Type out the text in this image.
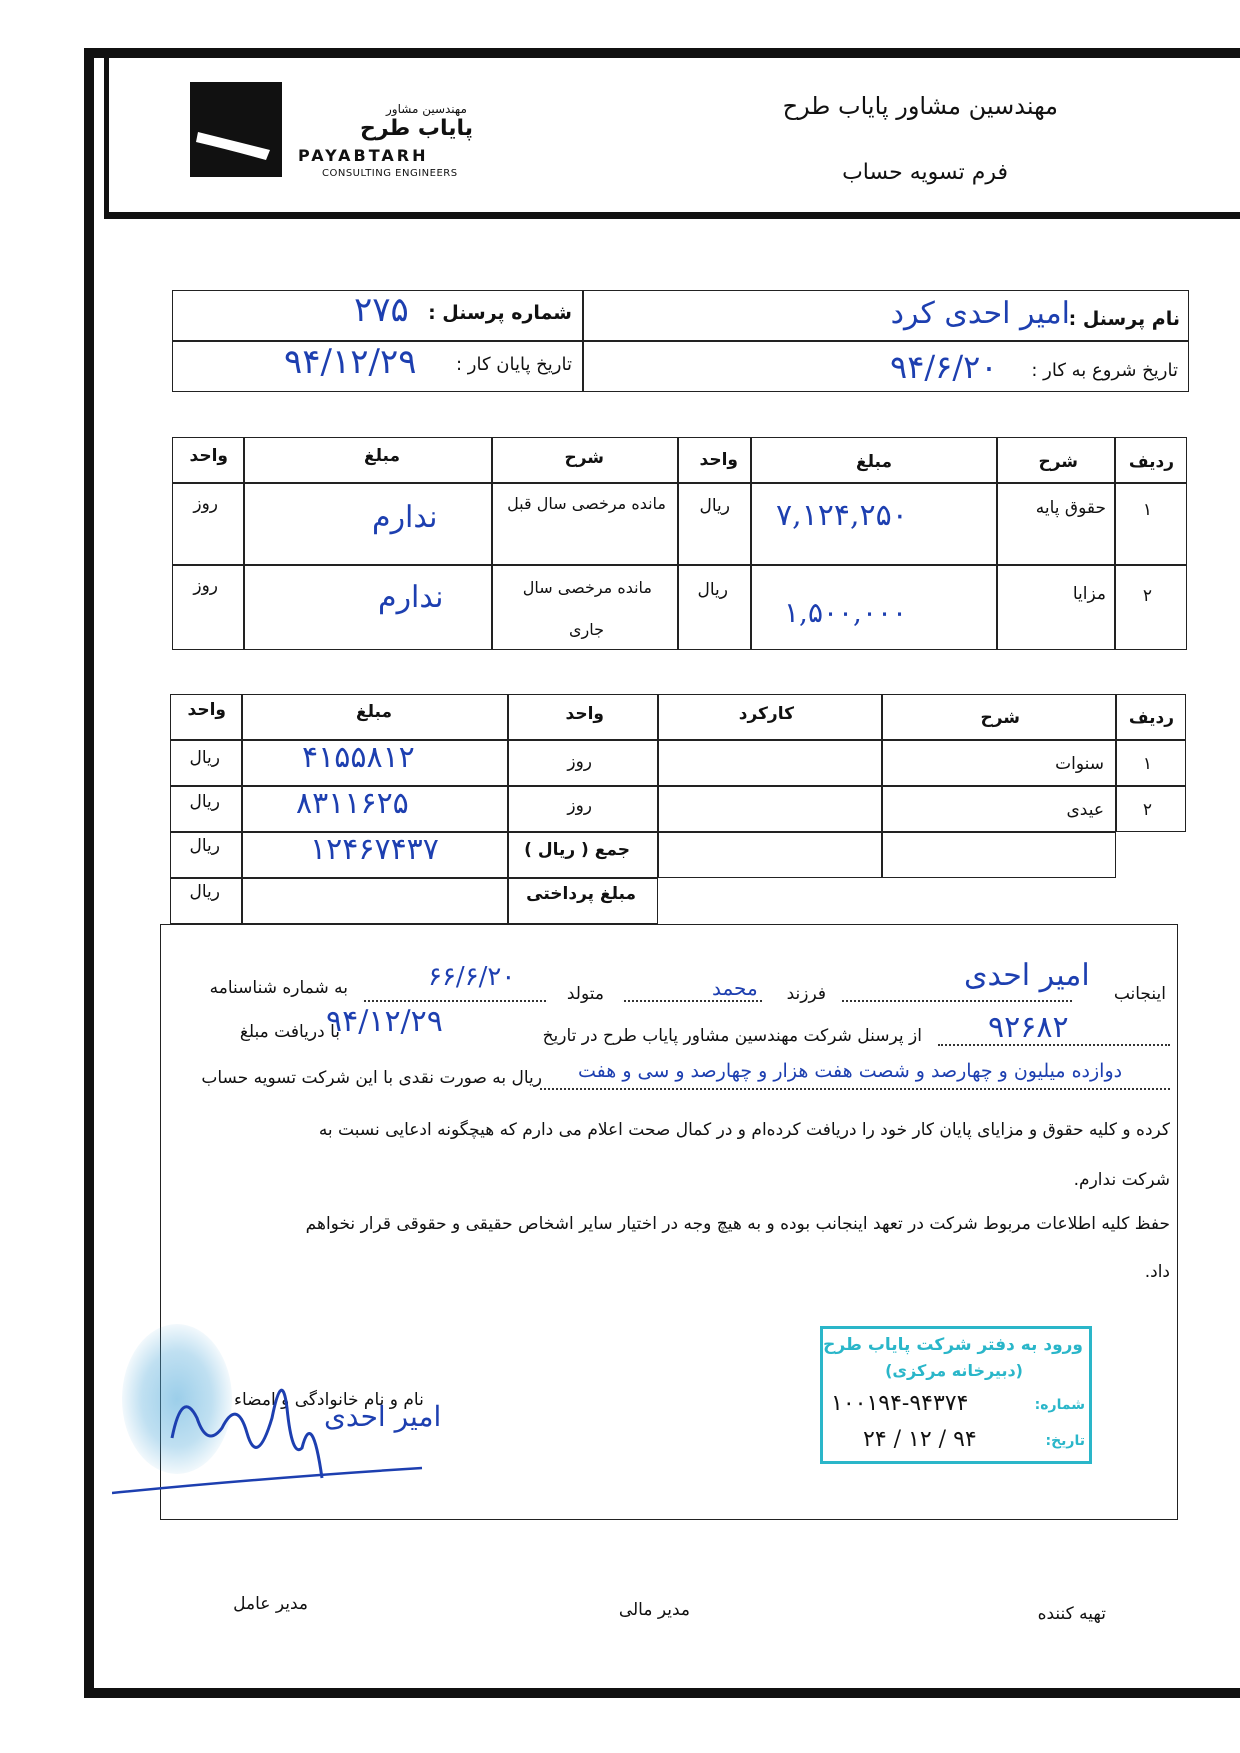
مهندسین مشاور
پایاب طرح
PAYABTARH
CONSULTING ENGINEERS
مهندسین مشاور پایاب طرح
فرم تسویه حساب
نام پرسنل :
امیر احدی کرد
شماره پرسنل :
۲۷۵
تاریخ شروع به کار :
۹۴/۶/۲۰
تاریخ پایان کار :
۹۴/۱۲/۲۹
ردیف
شرح
مبلغ
واحد
شرح
مبلغ
واحد
۱
حقوق پایه
۷,۱۲۴,۲۵۰
ریال
مانده مرخصی سال قبل
ندارم
روز
۲
مزایا
۱,۵۰۰,۰۰۰
ریال
مانده مرخصی سال
جاری
ندارم
روز
ردیف
شرح
کارکرد
واحد
مبلغ
واحد
۱
سنوات
روز
۴۱۵۵۸۱۲
ریال
۲
عیدی
روز
۸۳۱۱۶۲۵
ریال
جمع ( ریال )
۱۲۴۶۷۴۳۷
ریال
مبلغ پرداختی
ریال
اینجانب
امیر احدی
فرزند
محمد
متولد
۶۶/۶/۲۰
به شماره شناسنامه
۹۲۶۸۲
از پرسنل شرکت مهندسین مشاور پایاب طرح در تاریخ
۹۴/۱۲/۲۹
با دریافت مبلغ
دوازده میلیون و چهارصد و شصت هفت هزار و چهارصد و سی و هفت
ریال به صورت نقدی با این شرکت تسویه حساب
کرده و کلیه حقوق و مزایای پایان کار خود را دریافت کرده‌ام و در کمال صحت اعلام می دارم که هیچگونه ادعایی نسبت به
شرکت ندارم.
حفظ کلیه اطلاعات مربوط شرکت در تعهد اینجانب بوده و به هیچ وجه در اختیار سایر اشخاص حقیقی و حقوقی قرار نخواهم
داد.
نام و نام خانوادگی و امضاء
امیر احدی
ورود به دفتر شرکت پایاب طرح
(دبیرخانه مرکزی)
شماره:
۱۰۰۱۹۴-۹۴۳۷۴
تاریخ:
۹۴ / ۱۲ / ۲۴
تهیه کننده
مدیر مالی
مدیر عامل
